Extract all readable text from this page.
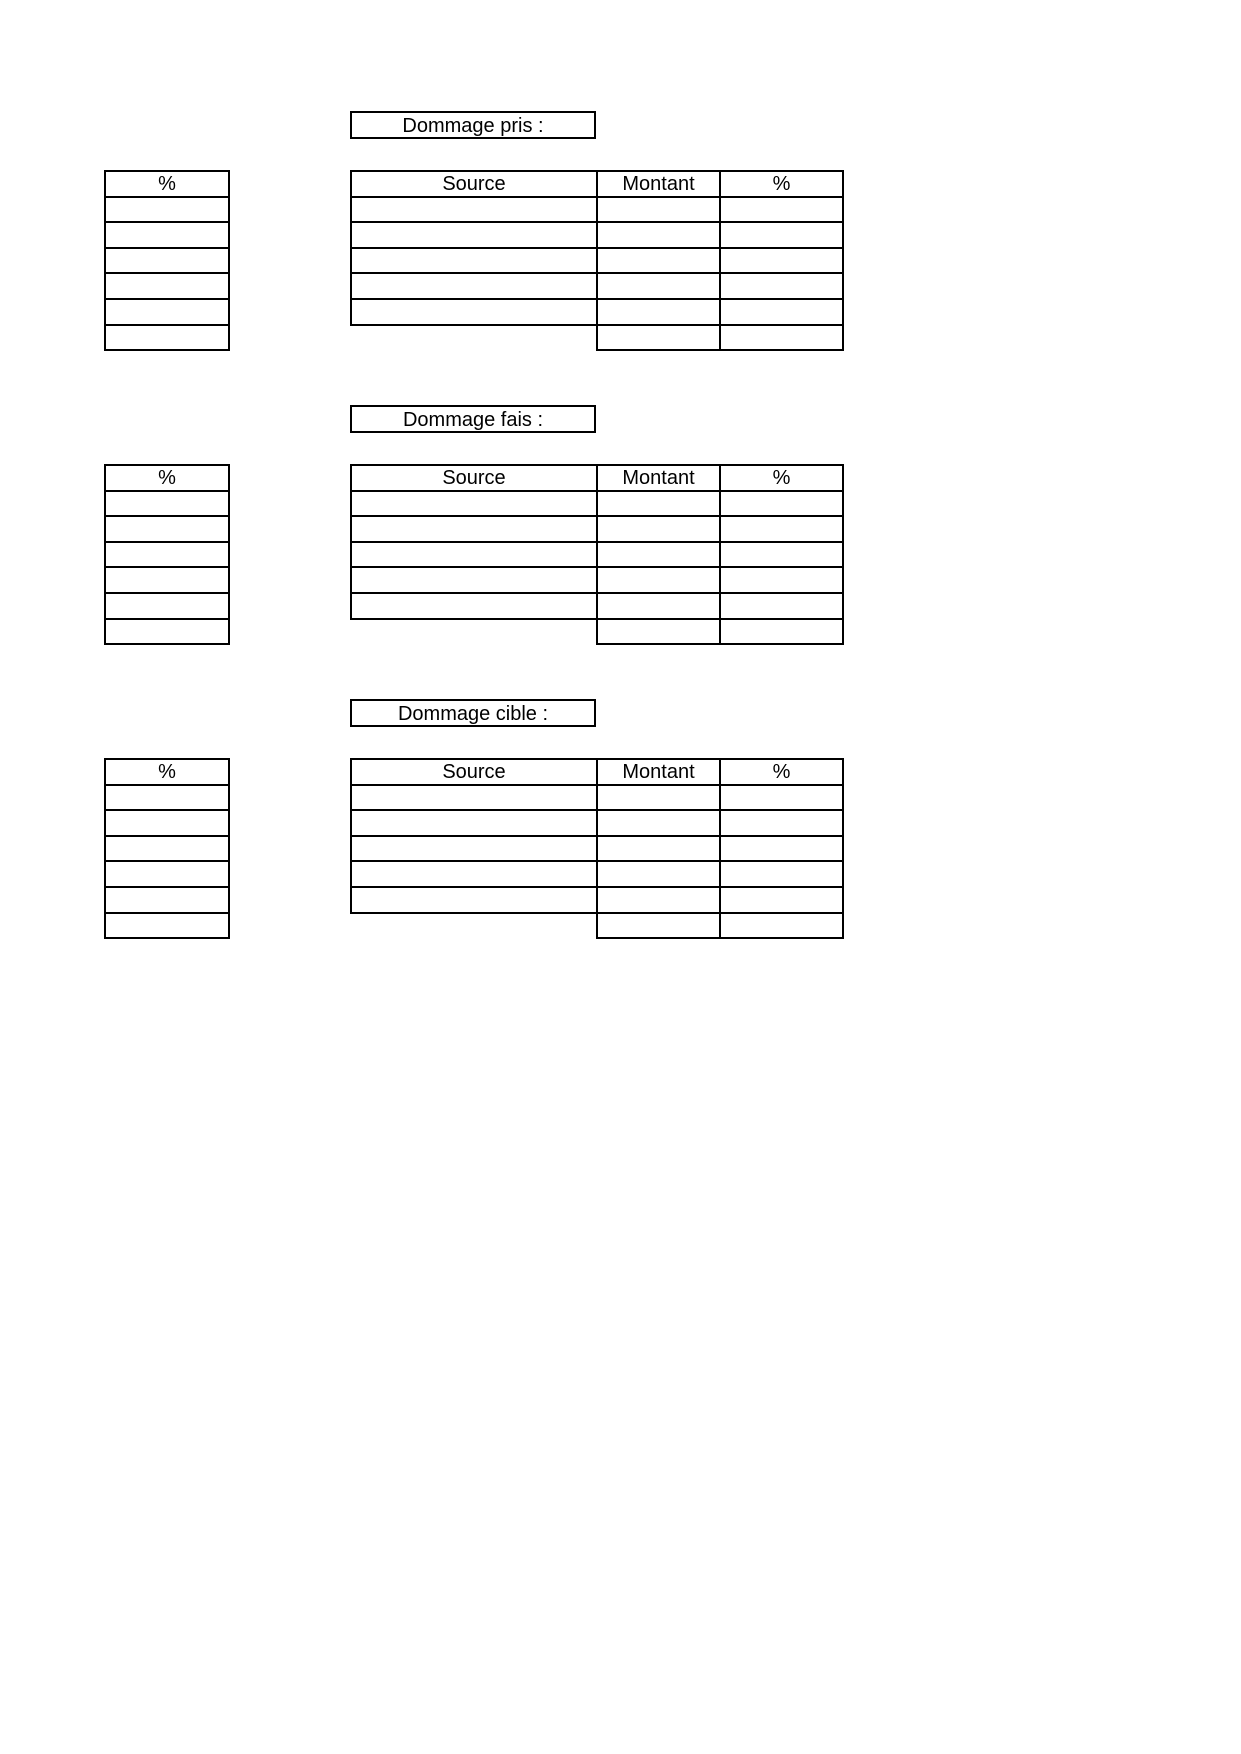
Dommage pris :
%	Source	Montant	%

Dommage fais :
%	Source	Montant	%

Dommage cible :
%	Source	Montant	%
